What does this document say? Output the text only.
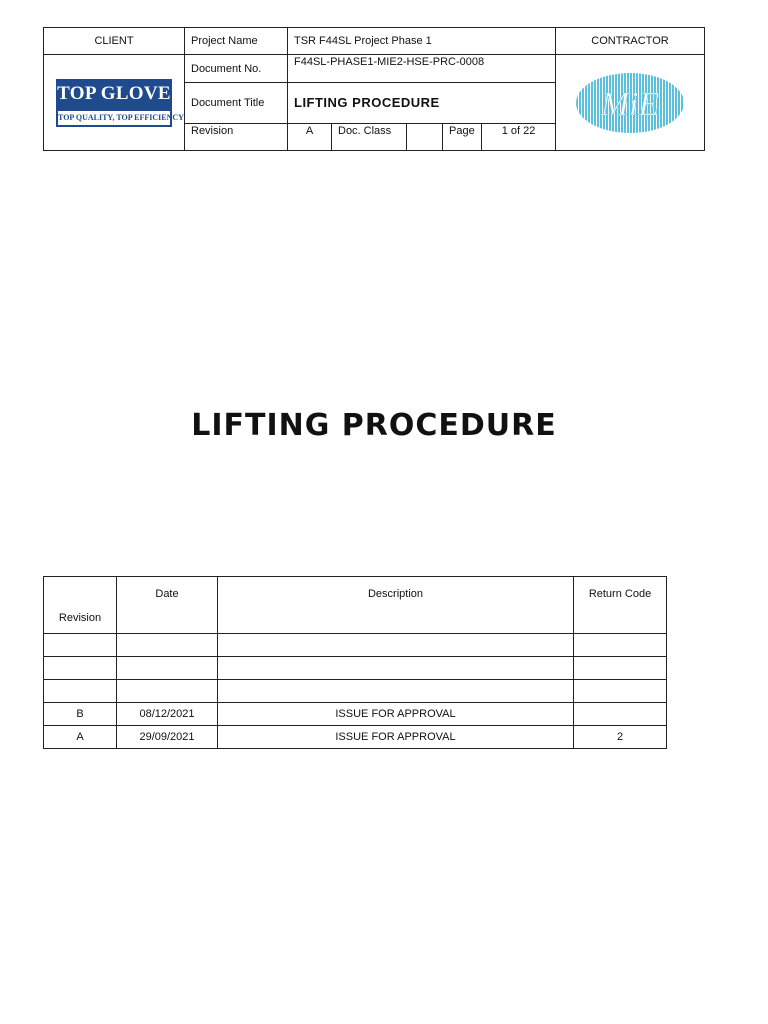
CLIENT	Project Name	TSR F44SL Project Phase 1					CONTRACTOR

TOP GLOVE
TOP QUALITY, TOP EFFICIENCY	Document No.	F44SL-PHASE1-MIE2-HSE-PRC-0008					MiE

	Document Title	LIFTING PROCEDURE					
	Revision	A	Doc. Class		Page	1 of 22	
LIFTING PROCEDURE
Revision	Date	Description	Return Code

B	08/12/2021	ISSUE FOR APPROVAL	
A	29/09/2021	ISSUE FOR APPROVAL	2
